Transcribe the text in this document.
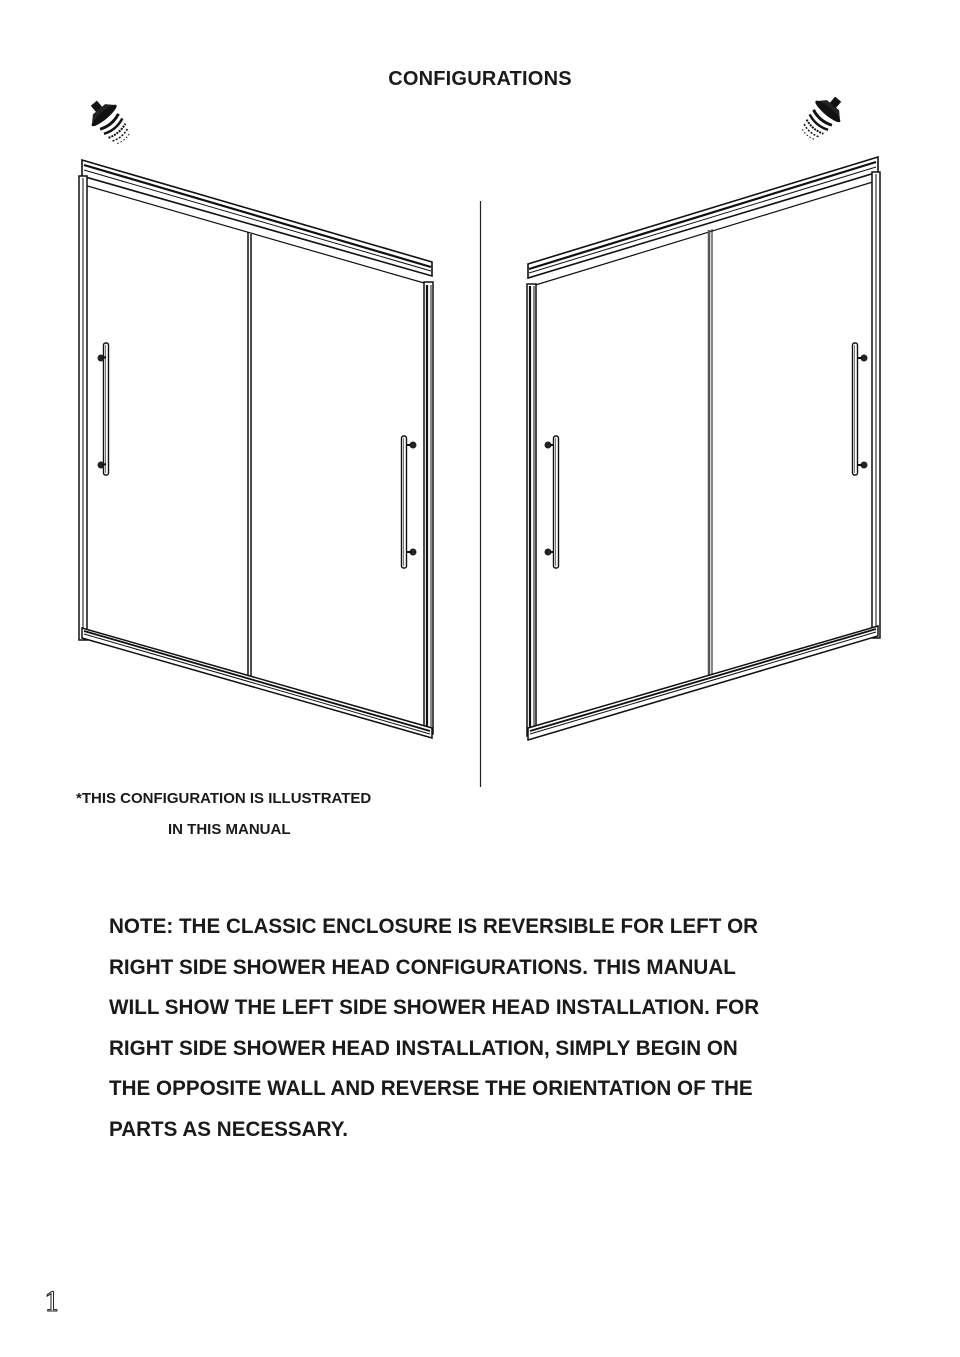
CONFIGURATIONS
*THIS CONFIGURATION IS ILLUSTRATED
IN THIS MANUAL
NOTE: THE CLASSIC ENCLOSURE IS REVERSIBLE FOR LEFT OR
RIGHT SIDE SHOWER HEAD CONFIGURATIONS. THIS MANUAL
WILL SHOW THE LEFT SIDE SHOWER HEAD INSTALLATION. FOR
RIGHT SIDE SHOWER HEAD INSTALLATION, SIMPLY BEGIN ON
THE OPPOSITE WALL AND REVERSE THE ORIENTATION OF THE
PARTS AS NECESSARY.
1
